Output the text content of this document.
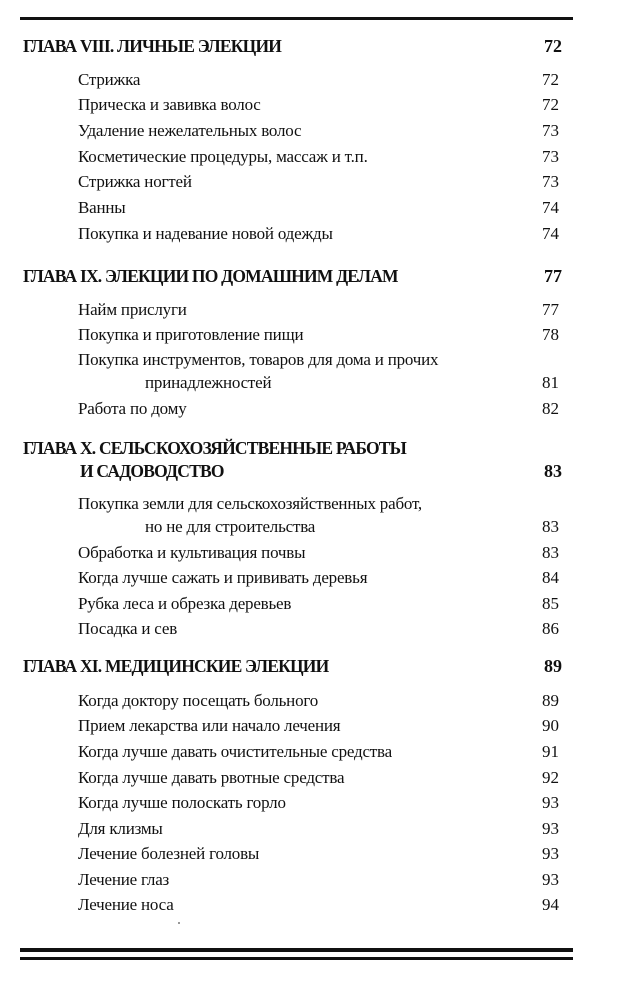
ГЛАВА VIII. ЛИЧНЫЕ ЭЛЕКЦИИ	72
Стрижка	72
Прическа и завивка волос	72
Удаление нежелательных волос	73
Косметические процедуры, массаж и т.п.	73
Стрижка ногтей	73
Ванны	74
Покупка и надевание новой одежды	74
ГЛАВА IX. ЭЛЕКЦИИ ПО ДОМАШНИМ ДЕЛАМ	77
Найм прислуги	77
Покупка и приготовление пищи	78
Покупка инструментов, товаров для дома и прочих
принадлежностей	81
Работа по дому	82
ГЛАВА X. СЕЛЬСКОХОЗЯЙСТВЕННЫЕ РАБОТЫ
И САДОВОДСТВО	83
Покупка земли для сельскохозяйственных работ,
но не для строительства	83
Обработка и культивация почвы	83
Когда лучше сажать и прививать деревья	84
Рубка леса и обрезка деревьев	85
Посадка и сев	86
ГЛАВА XI. МЕДИЦИНСКИЕ ЭЛЕКЦИИ	89
Когда доктору посещать больного	89
Прием лекарства или начало лечения	90
Когда лучше давать очистительные средства	91
Когда лучше давать рвотные средства	92
Когда лучше полоскать горло	93
Для клизмы	93
Лечение болезней головы	93
Лечение глаз	93
Лечение носа	94
